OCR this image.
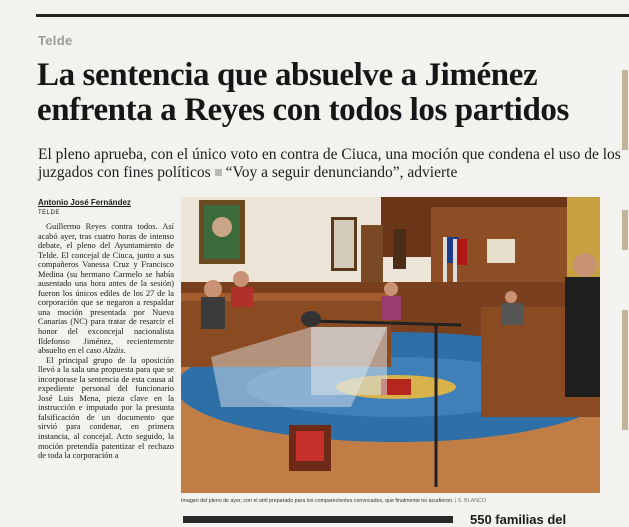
Telde
La sentencia que absuelve a Jiménez enfrenta a Reyes con todos los partidos

El pleno aprueba, con el único voto en contra de Ciuca, una moción que condena el uso de los juzgados con fines políticos “Voy a seguir denunciando”, advierte

Antonio José Fernández
TELDE

Guillermo Reyes contra todos. Así acabó ayer, tras cuatro horas de intenso debate, el pleno del Ayuntamiento de Telde. El concejal de Ciuca, junto a sus compañeros Vanessa Cruz y Francisco Medina (su hermano Carmelo se había ausentado una hora antes de la sesión) fueron los únicos ediles de los 27 de la corporación que se negaron a respaldar una moción presentada por Nueva Canarias (NC) para tratar de resarcir el honor del exconcejal nacionalista Ildefonso Jiménez, recientemente absuelto en el caso Alzáis.

El principal grupo de la oposición llevó a la sala una propuesta para que se incorporase la sentencia de esta causa al expediente personal del funcionario José Luis Mena, pieza clave en la instrucción e imputado por la presunta falsificación de un documento que sirvió para condenar, en primera instancia, al concejal. Acto seguido, la moción pretendía patentizar el rechazo de toda la corporación a

Imagen del pleno de ayer, con el atril preparado para los comparecientes convocados, que finalmente no acudieron. | S. BLANCO

550 familias del
